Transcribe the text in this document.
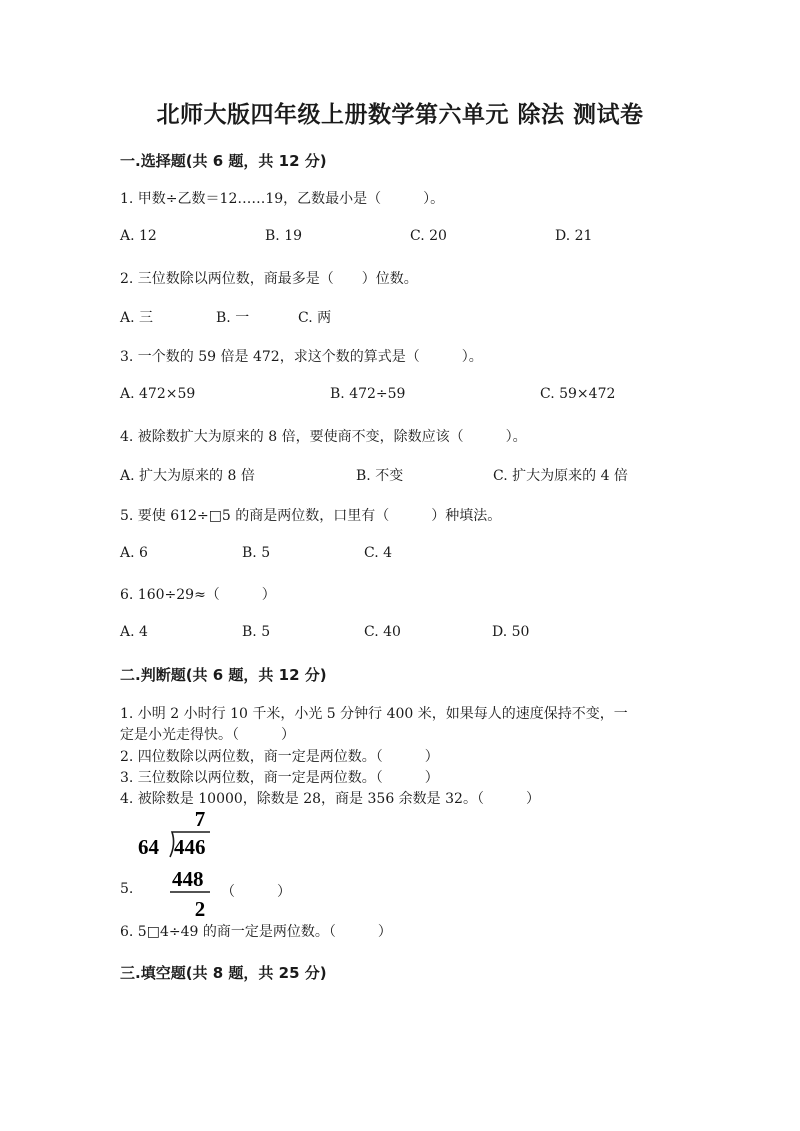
北师大版四年级上册数学第六单元 除法 测试卷
一.选择题(共 6 题，共 12 分)
1. 甲数÷乙数＝12……19，乙数最小是（　　　）。
A. 12	B. 19	C. 20	D. 21
2. 三位数除以两位数，商最多是（　　）位数。
A. 三	B. 一	C. 两
3. 一个数的 59 倍是 472，求这个数的算式是（　　　）。
A. 472×59	B. 472÷59	C. 59×472
4. 被除数扩大为原来的 8 倍，要使商不变，除数应该（　　　）。
A. 扩大为原来的 8 倍	B. 不变	C. 扩大为原来的 4 倍
5. 要使 612÷□5 的商是两位数，口里有（　　　）种填法。
A. 6	B. 5	C. 4
6. 160÷29≈（　　　）
A. 4	B. 5	C. 40	D. 50
二.判断题(共 6 题，共 12 分)
1. 小明 2 小时行 10 千米，小光 5 分钟行 400 米，如果每人的速度保持不变，一
定是小光走得快。（　　　）
2. 四位数除以两位数，商一定是两位数。（　　　）
3. 三位数除以两位数，商一定是两位数。（　　　）
4. 被除数是 10000，除数是 28，商是 356 余数是 32。（　　　）
7
64 446
448
2
5.	（　　　）
6. 5□4÷49 的商一定是两位数。（　　　）
三.填空题(共 8 题，共 25 分)
